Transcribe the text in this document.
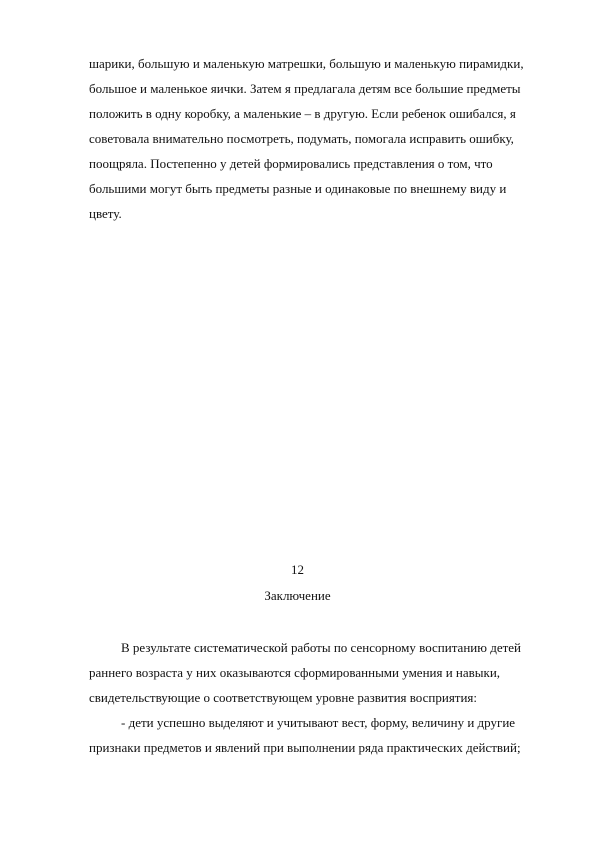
шарики, большую и маленькую матрешки, большую и маленькую пирамидки,
большое и маленькое яички. Затем я предлагала детям все большие предметы
положить в одну коробку, а маленькие – в другую. Если ребенок ошибался, я
советовала внимательно посмотреть, подумать, помогала исправить ошибку,
поощряла. Постепенно у детей формировались представления о том, что
большими могут быть предметы разные и одинаковые по внешнему виду и
цвету.
12
Заключение
В результате систематической работы по сенсорному воспитанию детей
раннего возраста у них оказываются сформированными умения и навыки,
свидетельствующие о соответствующем уровне развития восприятия:
- дети успешно выделяют и учитывают вест, форму, величину и другие
признаки предметов и явлений при выполнении ряда практических действий;
